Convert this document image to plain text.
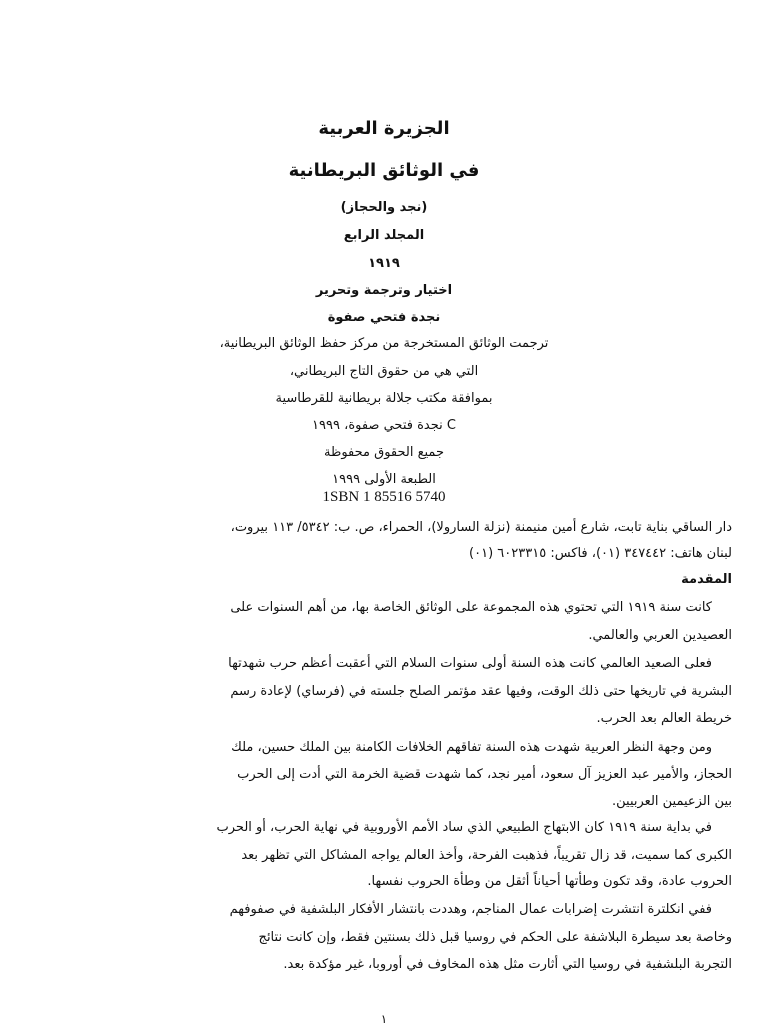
الجزيرة العربية
في الوثائق البريطانية
(نجد والحجاز)
المجلد الرابع
١٩١٩
اختيار وترجمة وتحرير
نجدة فتحي صفوة
ترجمت الوثائق المستخرجة من مركز حفظ الوثائق البريطانية،
التي هي من حقوق التاج البريطاني،
بموافقة مكتب جلالة بريطانية للقرطاسية
C نجدة فتحي صفوة، ١٩٩٩
جميع الحقوق محفوظة
الطبعة الأولى ١٩٩٩
1SBN 1 85516 5740
دار الساقي بناية تابت، شارع أمين منيمنة (نزلة السارولا)، الحمراء، ص. ب: ٥٣٤٢/ ١١٣ بيروت،
لبنان هاتف: ٣٤٧٤٤٢ (٠١)، فاكس: ٦٠٢٣٣١٥ (٠١)
المقدمة
كانت سنة ١٩١٩ التي تحتوي هذه المجموعة على الوثائق الخاصة بها، من أهم السنوات على
العصيدين العربي والعالمي.
فعلى الصعيد العالمي كانت هذه السنة أولى سنوات السلام التي أعقبت أعظم حرب شهدتها
البشرية في تاريخها حتى ذلك الوقت، وفيها عقد مؤتمر الصلح جلسته في (فرساي) لإعادة رسم
خريطة العالم بعد الحرب.
ومن وجهة النظر العربية شهدت هذه السنة تفاقهم الخلافات الكامنة بين الملك حسين، ملك
الحجاز، والأمير عبد العزيز آل سعود، أمير نجد، كما شهدت قضية الخرمة التي أدت إلى الحرب
بين الزعيمين العربيين.
في بداية سنة ١٩١٩ كان الابتهاج الطبيعي الذي ساد الأمم الأوروبية في نهاية الحرب، أو الحرب
الكبرى كما سميت، قد زال تقريباً، فذهبت الفرحة، وأخذ العالم يواجه المشاكل التي تظهر بعد
الحروب عادة، وقد تكون وطأتها أحياناً أثقل من وطأة الحروب نفسها.
ففي انكلترة انتشرت إضرابات عمال المناجم، وهددت بانتشار الأفكار البلشفية في صفوفهم
وخاصة بعد سيطرة البلاشفة على الحكم في روسيا قبل ذلك بسنتين فقط، وإن كانت نتائج
التجربة البلشفية في روسيا التي أثارت مثل هذه المخاوف في أوروبا، غير مؤكدة بعد.
١
